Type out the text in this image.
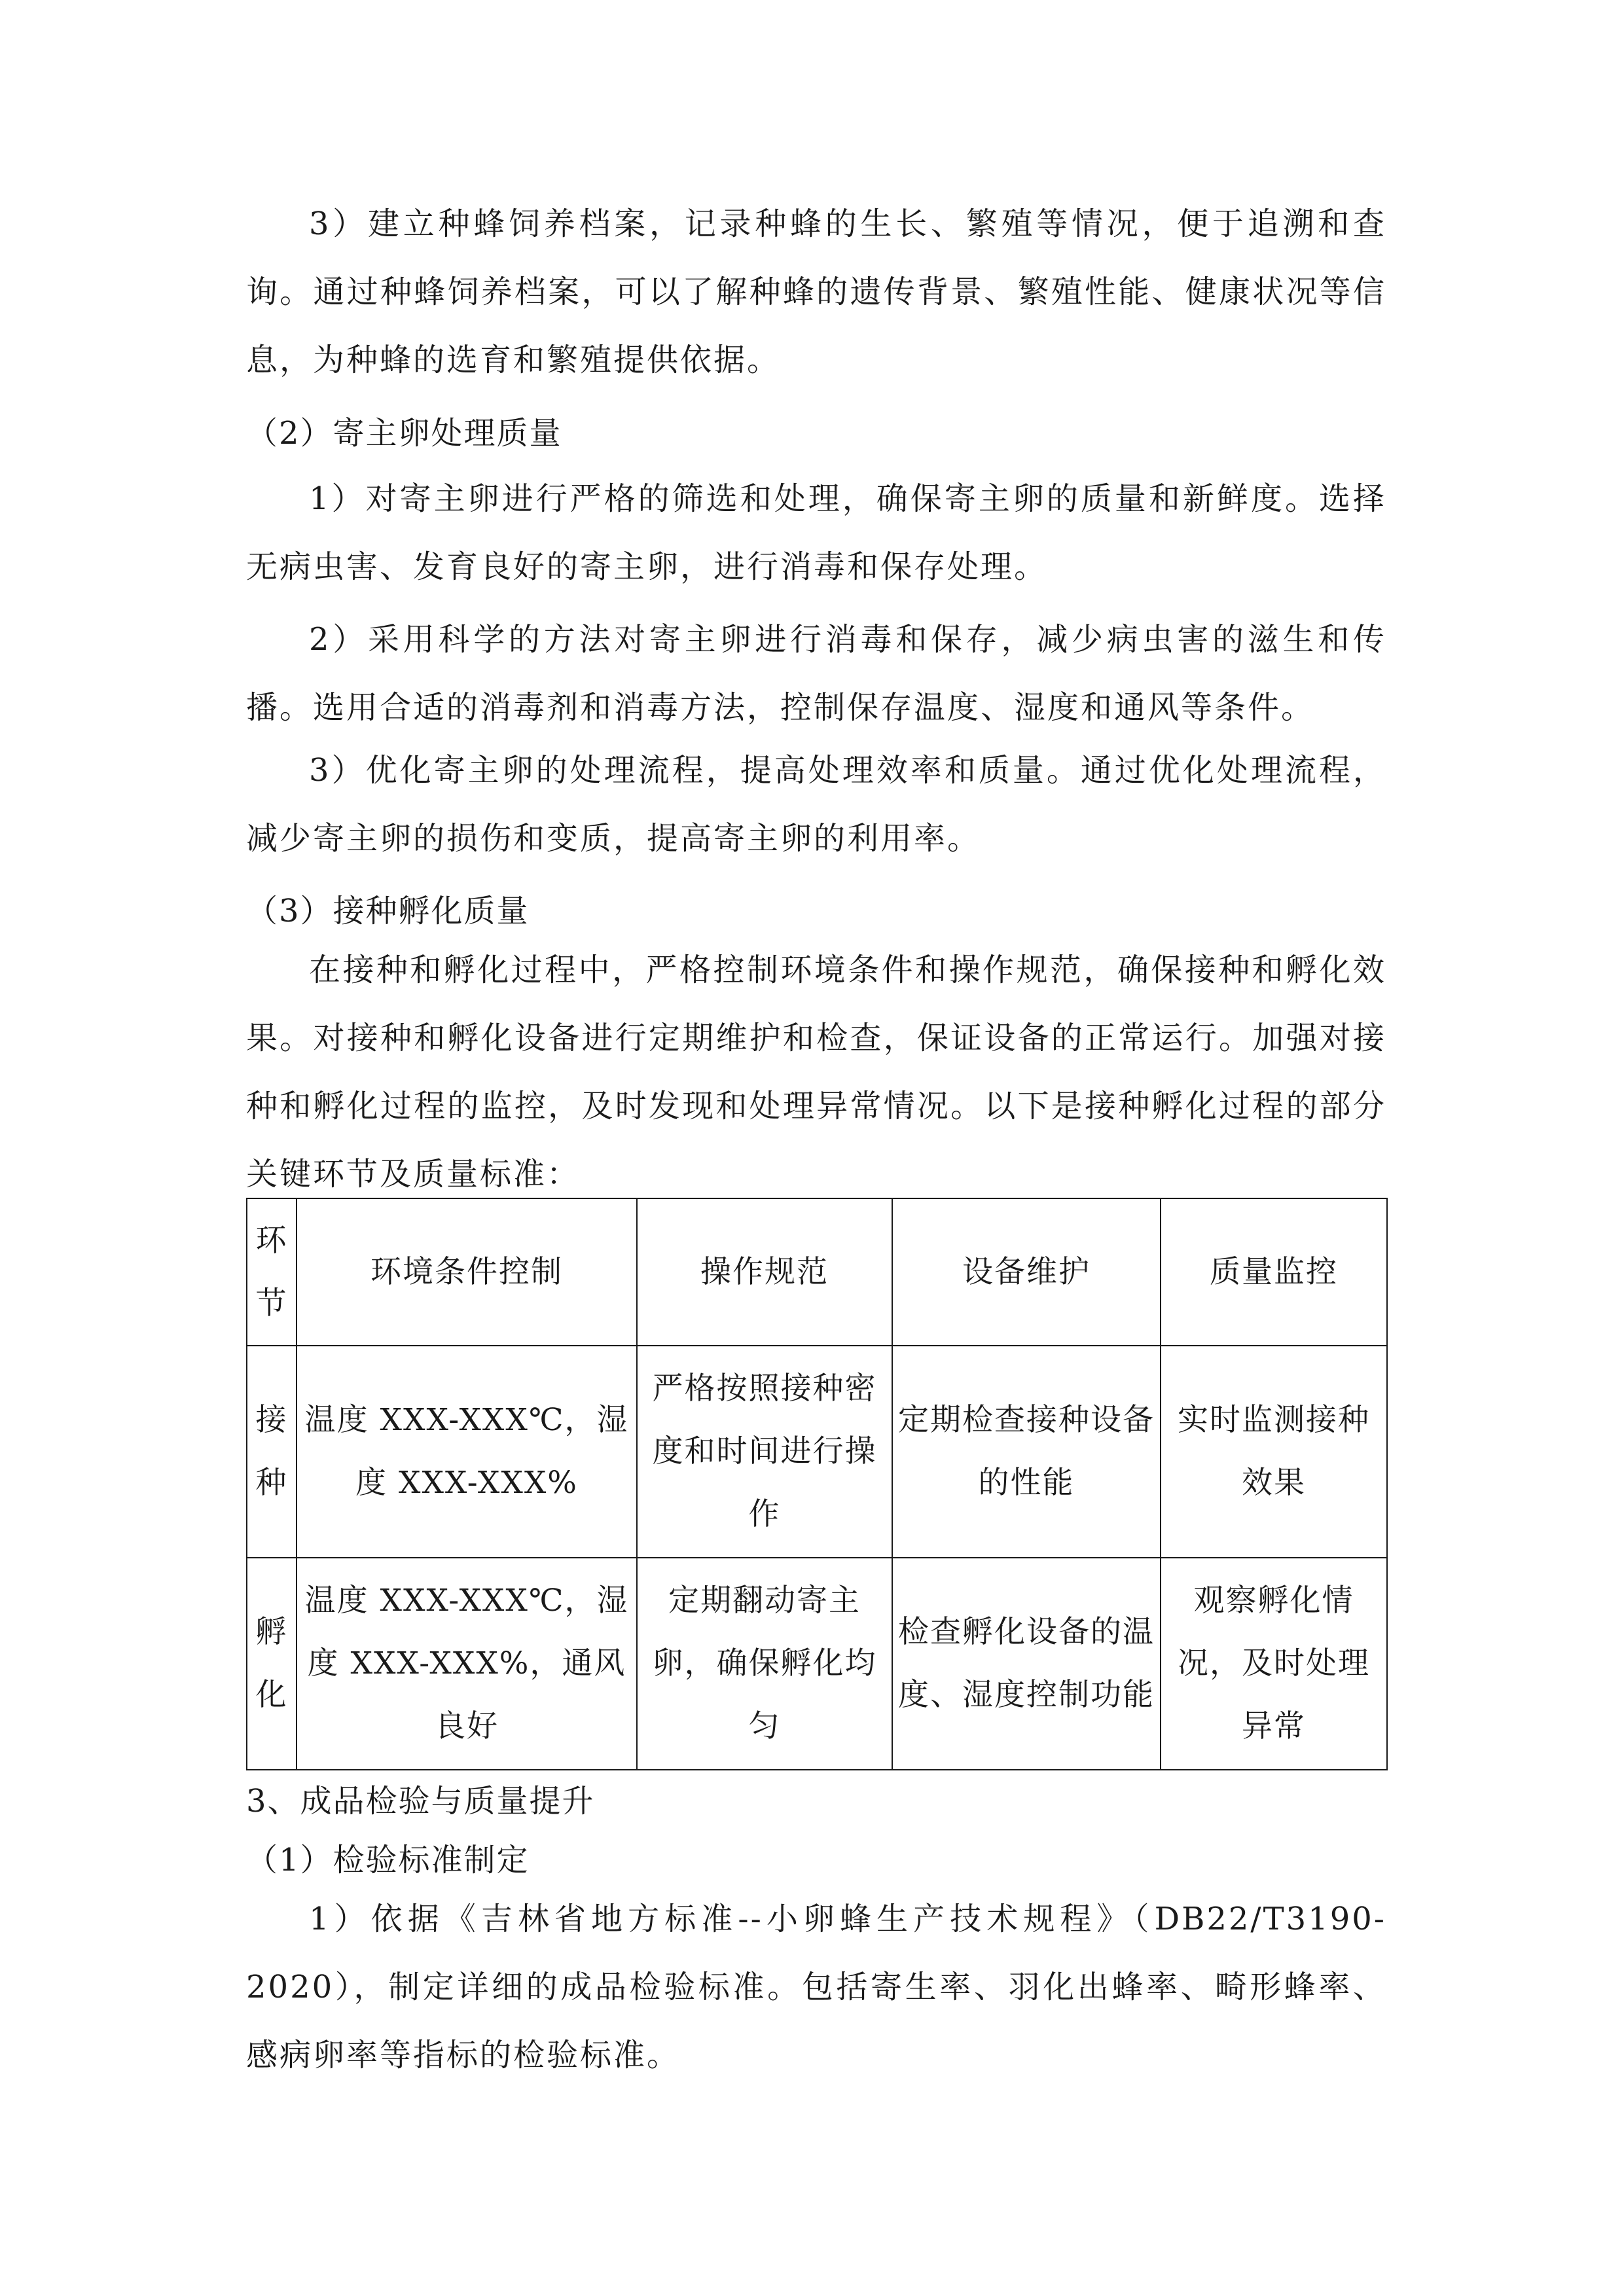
3）建立种蜂饲养档案，记录种蜂的生长、繁殖等情况，便于追溯和查询。通过种蜂饲养档案，可以了解种蜂的遗传背景、繁殖性能、健康状况等信息，为种蜂的选育和繁殖提供依据。

（2）寄主卵处理质量

1）对寄主卵进行严格的筛选和处理，确保寄主卵的质量和新鲜度。选择无病虫害、发育良好的寄主卵，进行消毒和保存处理。

2）采用科学的方法对寄主卵进行消毒和保存，减少病虫害的滋生和传播。选用合适的消毒剂和消毒方法，控制保存温度、湿度和通风等条件。

3）优化寄主卵的处理流程，提高处理效率和质量。通过优化处理流程，减少寄主卵的损伤和变质，提高寄主卵的利用率。

（3）接种孵化质量

在接种和孵化过程中，严格控制环境条件和操作规范，确保接种和孵化效果。对接种和孵化设备进行定期维护和检查，保证设备的正常运行。加强对接种和孵化过程的监控，及时发现和处理异常情况。以下是接种孵化过程的部分关键环节及质量标准：

环节	环境条件控制	操作规范	设备维护	质量监控
接种	温度 XXX-XXX℃，湿度 XXX-XXX%	严格按照接种密度和时间进行操作	定期检查接种设备的性能	实时监测接种效果
孵化	温度 XXX-XXX℃，湿度 XXX-XXX%，通风良好	定期翻动寄主卵，确保孵化均匀	检查孵化设备的温度、湿度控制功能	观察孵化情况，及时处理异常

3、成品检验与质量提升

（1）检验标准制定

1）依据《吉林省地方标准--小卵蜂生产技术规程》（DB22/T3190-2020），制定详细的成品检验标准。包括寄生率、羽化出蜂率、畸形蜂率、感病卵率等指标的检验标准。
